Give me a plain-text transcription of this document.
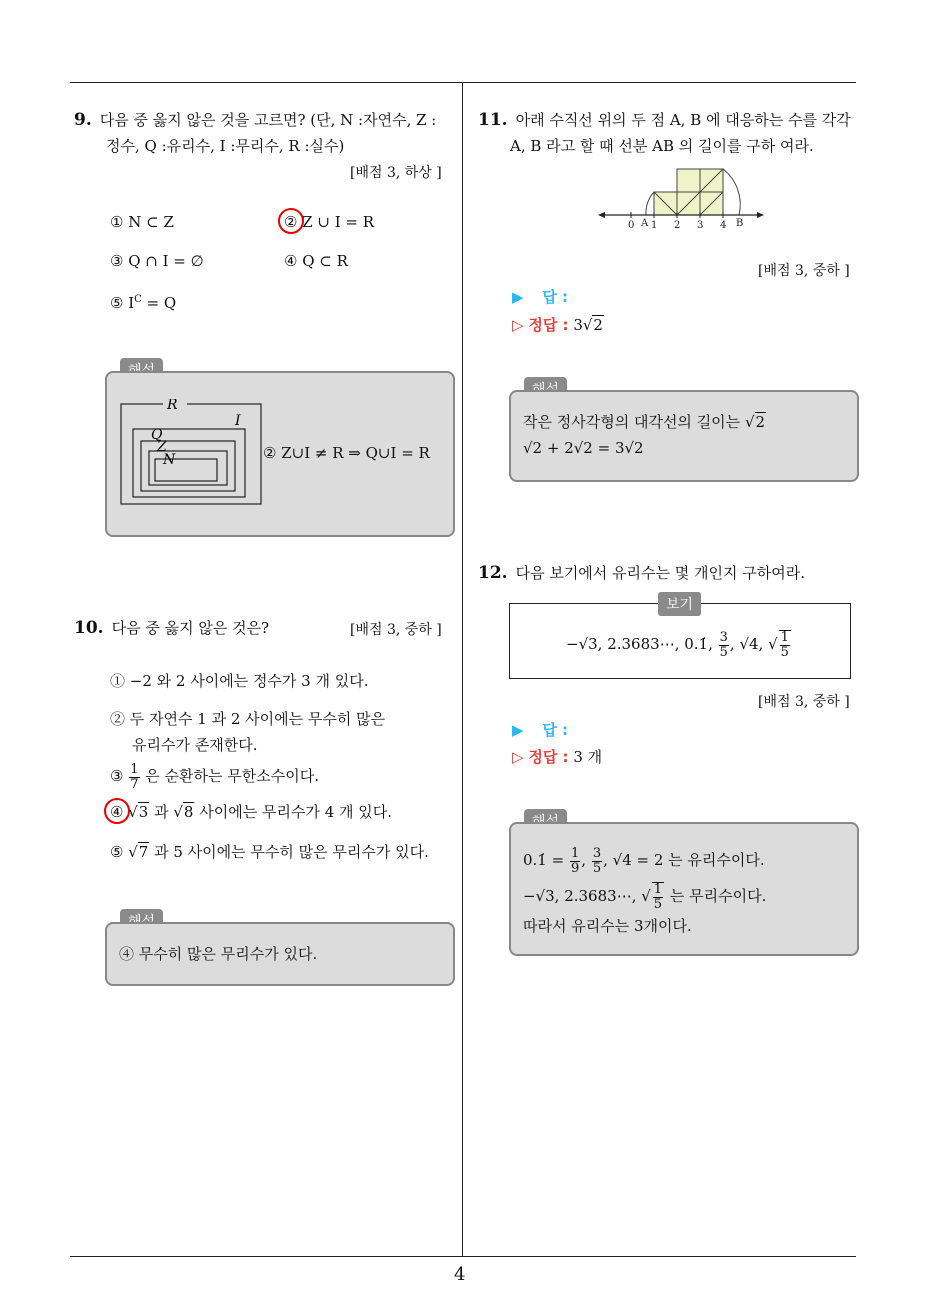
9. 다음 중 옳지 않은 것을 고르면? (단, N :자연수, Z :
정수, Q :유리수, I :무리수, R :실수)
[배점 3, 하상 ]
① N ⊂ Z	② Z ∪ I = R
③ Q ∩ I = ∅	④ Q ⊂ R
⑤ $I^C = Q$
R
I
Q
Z
N	② Z∪I ≠ R ⇒ Q∪I = R
10. 다음 중 옳지 않은 것은?	[배점 3, 중하 ]
① −2 와 2 사이에는 정수가 3 개 있다.
② 두 자연수 1 과 2 사이에는 무수히 많은
유리수가 존재한다.
③ $\frac{1}{7}$ 은 순환하는 무한소수이다.
④ √3 과 √8 사이에는 무리수가 4 개 있다.
⑤ √7 과 5 사이에는 무수히 많은 무리수가 있다.
④ 무수히 많은 무리수가 있다.
11. 아래 수직선 위의 두 점 A, B 에 대응하는 수를 각각
A, B 라고 할 때 선분 AB 의 길이를 구하 여라.
0 A 1 2 3 4 B
[배점 3, 중하 ]
▶ 답 :
▷ 정답 : 3√2
작은 정사각형의 대각선의 길이는 √2
√2 + 2√2 = 3√2
12. 다음 보기에서 유리수는 몇 개인지 구하여라.
−√3, 2.3683⋯, 0.1̇, $\frac{3}{5}$ , √4, √ $\frac{1}{5}$
보기
[배점 3, 중하 ]
▶ 답 :
▷ 정답 : 3 개
0.1̇ = $\frac{1}{9}$ , $\frac{3}{5}$ , √4 = 2 는 유리수이다.
−√3, 2.3683⋯, √ $\frac{1}{5}$ 는 무리수이다.
따라서 유리수는 3개이다.
4
